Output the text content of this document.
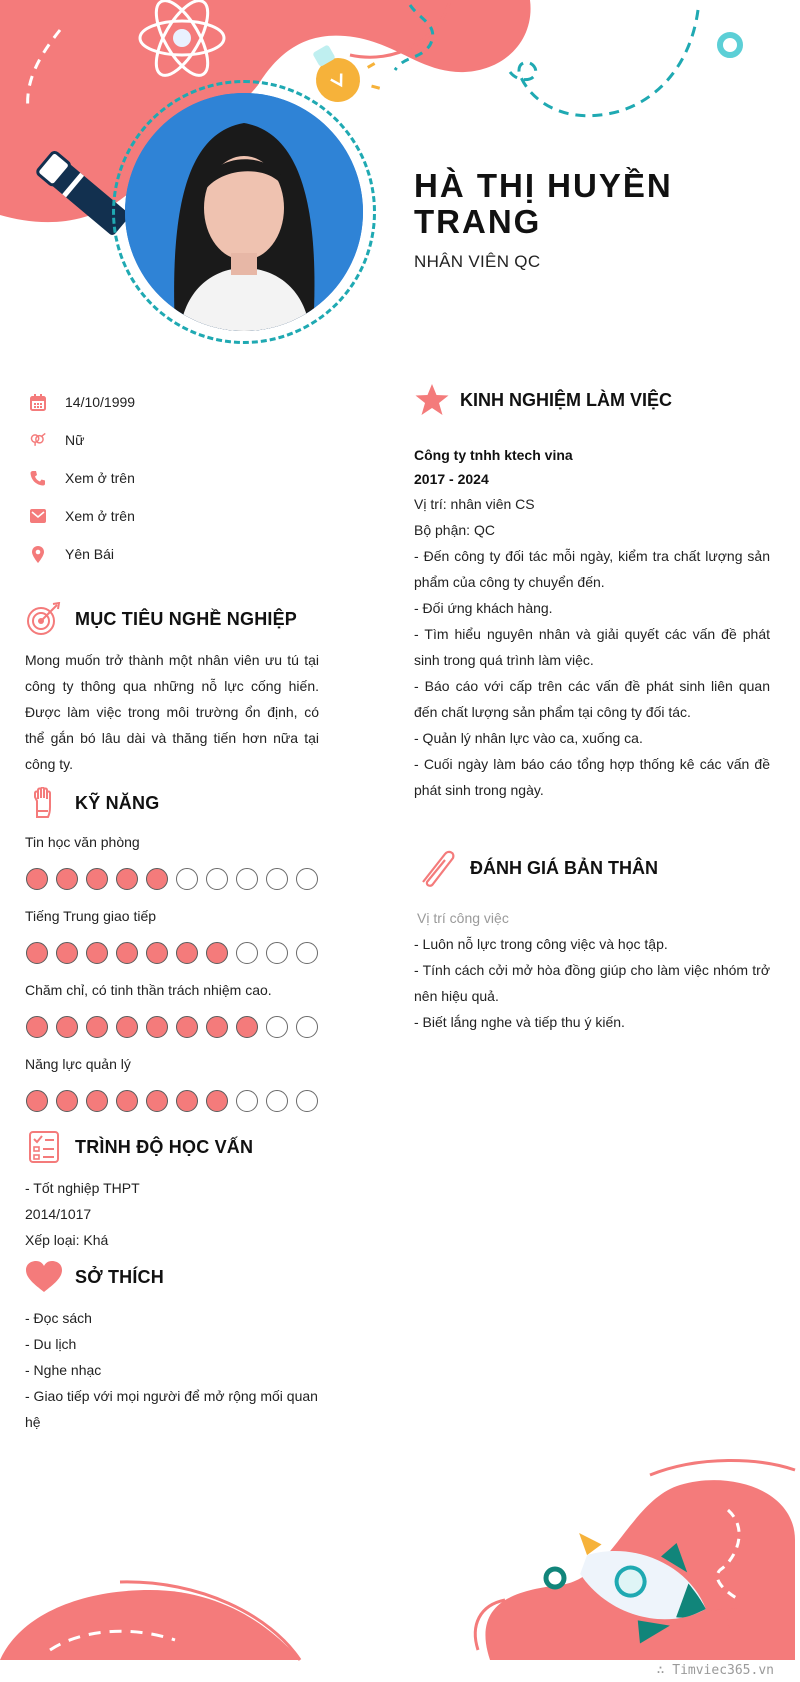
HÀ THỊ HUYỀN TRANG
NHÂN VIÊN QC
14/10/1999
Nữ
Xem ở trên
Xem ở trên
Yên Bái
MỤC TIÊU NGHỀ NGHIỆP
Mong muốn trở thành một nhân viên ưu tú tại công ty thông qua những nỗ lực cống hiến. Được làm việc trong môi trường ổn định, có thể gắn bó lâu dài và thăng tiến hơn nữa tại công ty.
KỸ NĂNG
Tin học văn phòng
Tiếng Trung giao tiếp
Chăm chỉ, có tinh thần trách nhiệm cao.
Năng lực quản lý
TRÌNH ĐỘ HỌC VẤN
- Tốt nghiệp THPT
2014/1017
Xếp loại: Khá
SỞ THÍCH
- Đọc sách
- Du lịch
- Nghe nhạc
- Giao tiếp với mọi người để mở rộng mối quan hệ
KINH NGHIỆM LÀM VIỆC
Công ty tnhh ktech vina
2017 - 2024
Vị trí: nhân viên CS
Bộ phận: QC
- Đến công ty đối tác mỗi ngày, kiểm tra chất lượng sản phẩm của công ty chuyển đến.
- Đối ứng khách hàng.
- Tìm hiểu nguyên nhân và giải quyết các vấn đề phát sinh trong quá trình làm việc.
- Báo cáo với cấp trên các vấn đề phát sinh liên quan đến chất lượng sản phẩm tại công ty đối tác.
- Quản lý nhân lực vào ca, xuống ca.
- Cuối ngày làm báo cáo tổng hợp thống kê các vấn đề phát sinh trong ngày.
ĐÁNH GIÁ BẢN THÂN
Vị trí công việc
- Luôn nỗ lực trong công việc và học tập.
- Tính cách cởi mở hòa đồng giúp cho làm việc nhóm trở nên hiệu quả.
- Biết lắng nghe và tiếp thu ý kiến.
∴ Timviec365.vn
